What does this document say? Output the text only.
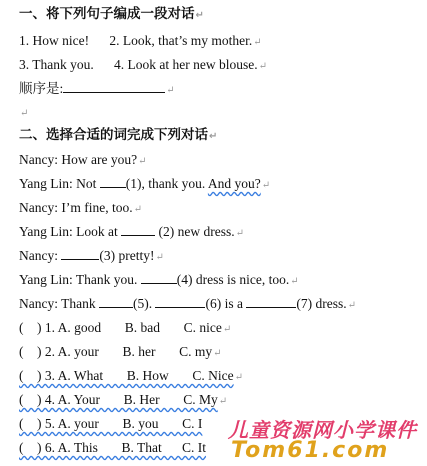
一、将下列句子编成一段对话↵
1. How nice!      2. Look, that’s my mother.↵
3. Thank you.      4. Look at her new blouse.↵
顺序是:	↵
↵
二、选择合适的词完成下列对话↵
Nancy: How are you?↵
Yang Lin: Not (1), thank you. And you?↵
Nancy: I’m fine, too.↵
Yang Lin: Look at	(2) new dress.↵
Nancy:	(3) pretty!↵
Yang Lin: Thank you.	(4) dress is nice, too.↵
Nancy: Thank	(5).	(6) is a	(7) dress.↵
(    ) 1. A. good       B. bad       C. nice↵
(    ) 2. A. your       B. her       C. my↵
(    ) 3. A. What       B. How       C. Nice↵
(    ) 4. A. Your       B. Her       C. My↵
(    ) 5. A. your       B. you       C. I
(    ) 6. A. This       B. That      C. It
儿童资源网小学课件
Tom61.com
